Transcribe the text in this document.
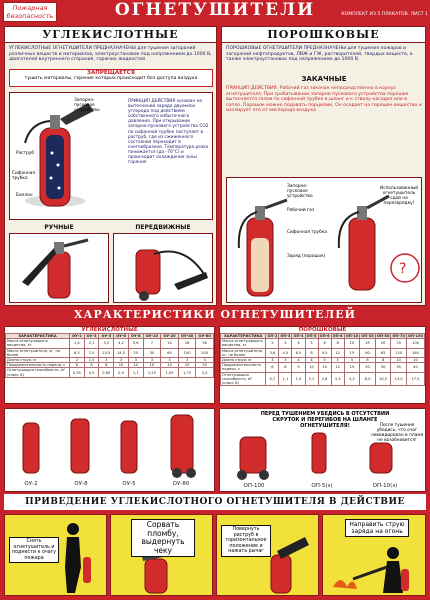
Пожарная безопасность	ОГНЕТУШИТЕЛИ	КОМПЛЕКТ ИЗ 5 ПЛАКАТОВ. ЛИСТ 1
УГЛЕКИСЛОТНЫЕ
УГЛЕКИСЛОТНЫЕ ОГНЕТУШИТЕЛИ ПРЕДНАЗНАЧЕНЫ для тушения загораний различных веществ и материалов, электроустановок под напряжением до 1000 В, двигателей внутреннего сгорания, горючих жидкостей
ЗАПРЕЩАЕТСЯ
тушить материалы, горение которых происходит без доступа воздуха
Раструб
Сифонная трубка
Баллон
Запорно-пусковое устройство
ПРИНЦИП ДЕЙСТВИЯ основан на вытеснении заряда двуокиси углерода под действием собственного избыточного давления. При открывании запорно-пускового устройства СО2 по сифонной трубке поступает в раструб, где из сжиженного состояния переходит в снегообразное. Температура резко понижается (до -70°С) и происходит охлаждение зоны горения
РУЧНЫЕ	ПЕРЕДВИЖНЫЕ
ПОРОШКОВЫЕ
ПОРОШКОВЫЕ ОГНЕТУШИТЕЛИ ПРЕДНАЗНАЧЕНЫ для тушения пожаров и загораний нефтепродуктов, ЛВЖ и ГЖ, растворителей, твердых веществ, а также электроустановок под напряжением до 1000 В.
ЗАКАЧНЫЕ
ПРИНЦИП ДЕЙСТВИЯ. Рабочий газ закачан непосредственно в корпус огнетушителя. При срабатывании запорно-пускового устройства порошок вытесняется газом по сифонной трубке в шланг и к стволу-насадке или в сопло. Порошок можно подавать порциями. Он оседает на горящее вещество и изолирует его от кислорода воздуха
?
Запорно-пусковое устройство
Рабочий газ
Сифонная трубка
Заряд (порошок)
Использованный огнетушитель сдай на перезарядку!
ХАРАКТЕРИСТИКИ ОГНЕТУШИТЕЛЕЙ
УГЛЕКИСЛОТНЫЕ
ХАРАКТЕРИСТИКА	ОУ-2	ОУ-3	ОУ-5	ОУ-6	ОУ-8	ОУ-10	ОУ-20	ОУ-40	ОУ-80
Масса огнетушащего вещества, кг	1,4	2,1	3,5	4,2	5,6	7	14	28	56
Масса огнетушителя, кг, не более	6,5	7,0	10,5	14,5	20	30	60	100	200
Длина струи, м	2	2,5	3	3	3	3	3	3	3
Продолжительность подачи, с	8	8	8	10	10	10	15	20	20
Огнетушащая способность, м² (класс B)	0,35	0,5	0,65	0,9	1,1	1,25	1,55	1,75	2,5
ПОРОШКОВЫЕ
ХАРАКТЕРИСТИКА	ОП-2	ОП-3	ОП-4	ОП-5	ОП-6	ОП-8	ОП-10	ОП-35	ОП-50	ОП-70	ОП-100
Масса огнетушащего вещества, кг	2	3	4	5	6	8	10	35	50	70	100
Масса огнетушителя, кг, не более	3,6	4,5	6,5	8	9,5	12	15	60	85	120	160
Длина струи, м	3	3	4	4	5	5	5	8	8	10	10
Продолжительность подачи, с	6	8	9	10	10	12	15	20	30	35	40
Огнетушащая способность, м² (класс B)	0,7	1,1	1,5	2,1	2,6	3,3	4,2	8,0	10,5	13,0	17,5
ОУ-2	ОУ-8	ОУ-5	ОУ-80
ПЕРЕД ТУШЕНИЕМ УБЕДИСЬ В ОТСУТСТВИИ СКРУТОК И ПЕРЕГИБОВ НА ШЛАНГЕ ОГНЕТУШИТЕЛЯ!	После тушения убедись, что очаг ликвидирован и пламя не возобновится!
ОП-100	ОП-5(з)	ОП-10(з)
ПРИВЕДЕНИЕ УГЛЕКИСЛОТНОГО ОГНЕТУШИТЕЛЯ В ДЕЙСТВИЕ
Снять огнетушитель и поднести к очагу пожара
Сорвать пломбу, выдернуть чеку
Повернуть раструб в горизонтальное положение и нажать рычаг
Направить струю заряда на огонь
